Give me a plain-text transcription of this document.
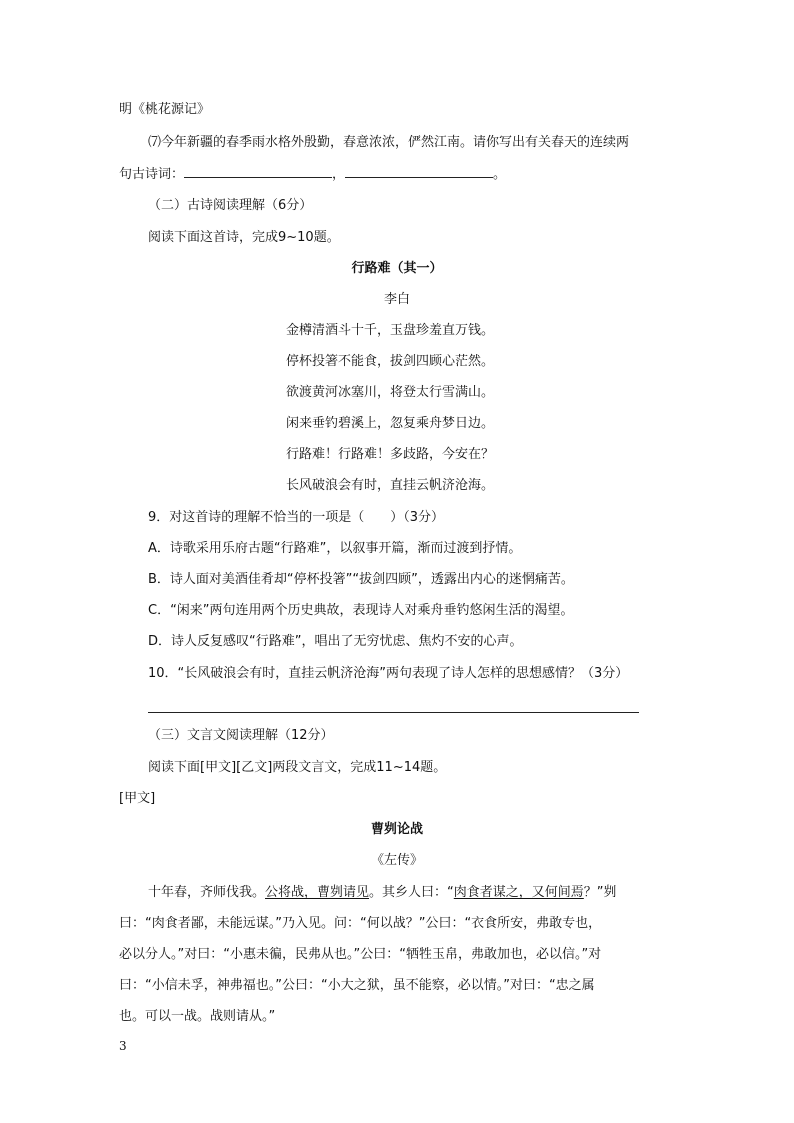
明《桃花源记》
⑺今年新疆的春季雨水格外殷勤，春意浓浓，俨然江南。请你写出有关春天的连续两
句古诗词：	，	。
（二）古诗阅读理解（6分）
阅读下面这首诗，完成9~10题。
行路难（其一）
李白
金樽清酒斗十千，玉盘珍羞直万钱。
停杯投箸不能食，拔剑四顾心茫然。
欲渡黄河冰塞川，将登太行雪满山。
闲来垂钓碧溪上，忽复乘舟梦日边。
行路难！行路难！多歧路，今安在？
长风破浪会有时，直挂云帆济沧海。
9．对这首诗的理解不恰当的一项是（　　）（3分）
A．诗歌采用乐府古题“行路难”，以叙事开篇，渐而过渡到抒情。
B．诗人面对美酒佳肴却“停杯投箸”“拔剑四顾”，透露出内心的迷惘痛苦。
C．“闲来”两句连用两个历史典故，表现诗人对乘舟垂钓悠闲生活的渴望。
D．诗人反复感叹“行路难”，唱出了无穷忧虑、焦灼不安的心声。
10．“长风破浪会有时，直挂云帆济沧海”两句表现了诗人怎样的思想感情？（3分）
（三）文言文阅读理解（12分）
阅读下面[甲文][乙文]两段文言文，完成11~14题。
[甲文]
曹刿论战
《左传》
十年春，齐师伐我。公将战，曹刿请见。其乡人曰：“肉食者谋之，又何间焉？”刿
曰：“肉食者鄙，未能远谋。”乃入见。问：“何以战？”公曰：“衣食所安，弗敢专也，
必以分人。”对曰：“小惠未徧，民弗从也。”公曰：“牺牲玉帛，弗敢加也，必以信。”对
曰：“小信未孚，神弗福也。”公曰：“小大之狱，虽不能察，必以情。”对曰：“忠之属
也。可以一战。战则请从。”
3
